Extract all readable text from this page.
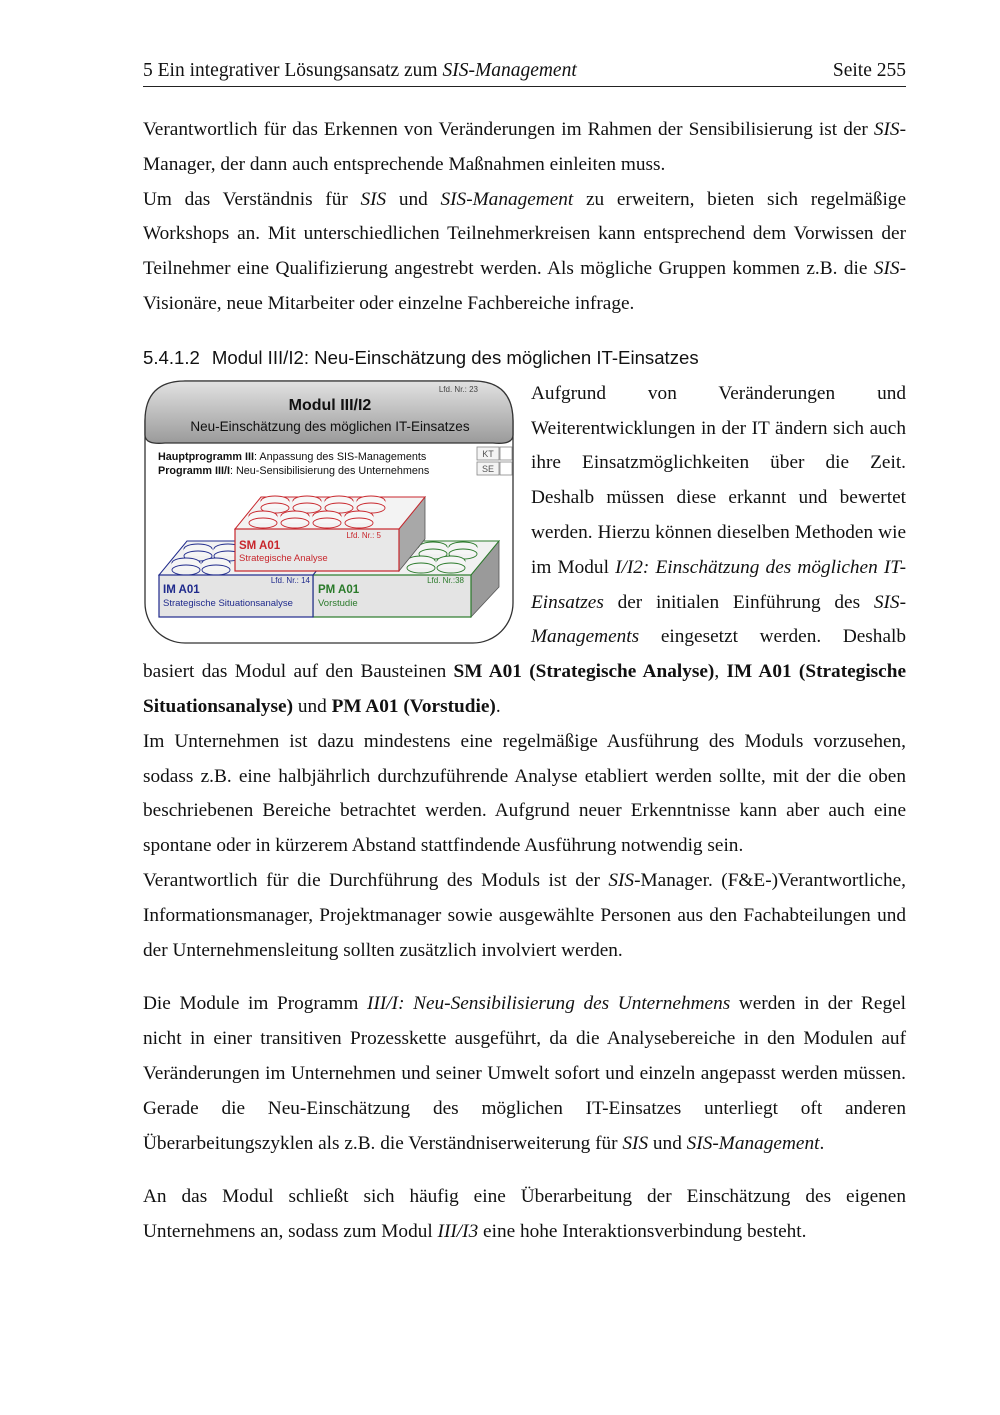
5 Ein integrativer Lösungsansatz zum SIS-Management	Seite 255

Verantwortlich für das Erkennen von Veränderungen im Rahmen der Sensibilisierung ist der SIS-Manager, der dann auch entsprechende Maßnahmen einleiten muss.

Um das Verständnis für SIS und SIS-Management zu erweitern, bieten sich regelmäßige Workshops an. Mit unterschiedlichen Teilnehmerkreisen kann entsprechend dem Vorwissen der Teilnehmer eine Qualifizierung angestrebt werden. Als mögliche Gruppen kommen z.B. die SIS-Visionäre, neue Mitarbeiter oder einzelne Fachbereiche infrage.

5.4.1.2 Modul III/I2: Neu-Einschätzung des möglichen IT-Einsatzes

Lfd. Nr.: 23
Modul III/I2
Neu-Einschätzung des möglichen IT-Einsatzes
Hauptprogramm III: Anpassung des SIS-Managements
Programm III/I: Neu-Sensibilisierung des Unternehmens
KT
SE
Lfd. Nr.: 5
SM A01
Strategische Analyse
Lfd. Nr.: 14
IM A01
Strategische Situationsanalyse
Lfd. Nr.:38
PM A01
Vorstudie

Aufgrund von Veränderungen und Weiterentwicklungen in der IT ändern sich auch ihre Einsatzmöglichkeiten über die Zeit. Deshalb müssen diese erkannt und bewertet werden. Hierzu können dieselben Methoden wie im Modul I/I2: Einschätzung des möglichen IT-Einsatzes der initialen Einführung des SIS-Managements eingesetzt werden. Deshalb basiert das Modul auf den Bausteinen SM A01 (Strategische Analyse), IM A01 (Strategische Situationsanalyse) und PM A01 (Vorstudie).

Im Unternehmen ist dazu mindestens eine regelmäßige Ausführung des Moduls vorzusehen, sodass z.B. eine halbjährlich durchzuführende Analyse etabliert werden sollte, mit der die oben beschriebenen Bereiche betrachtet werden. Aufgrund neuer Erkenntnisse kann aber auch eine spontane oder in kürzerem Abstand stattfindende Ausführung notwendig sein.

Verantwortlich für die Durchführung des Moduls ist der SIS-Manager. (F&E-)Verantwortliche, Informationsmanager, Projektmanager sowie ausgewählte Personen aus den Fachabteilungen und der Unternehmensleitung sollten zusätzlich involviert werden.

Die Module im Programm III/I: Neu-Sensibilisierung des Unternehmens werden in der Regel nicht in einer transitiven Prozesskette ausgeführt, da die Analysebereiche in den Modulen auf Veränderungen im Unternehmen und seiner Umwelt sofort und einzeln angepasst werden müssen. Gerade die Neu-Einschätzung des möglichen IT-Einsatzes unterliegt oft anderen Überarbeitungszyklen als z.B. die Verständniserweiterung für SIS und SIS-Management.

An das Modul schließt sich häufig eine Überarbeitung der Einschätzung des eigenen Unternehmens an, sodass zum Modul III/I3 eine hohe Interaktionsverbindung besteht.
